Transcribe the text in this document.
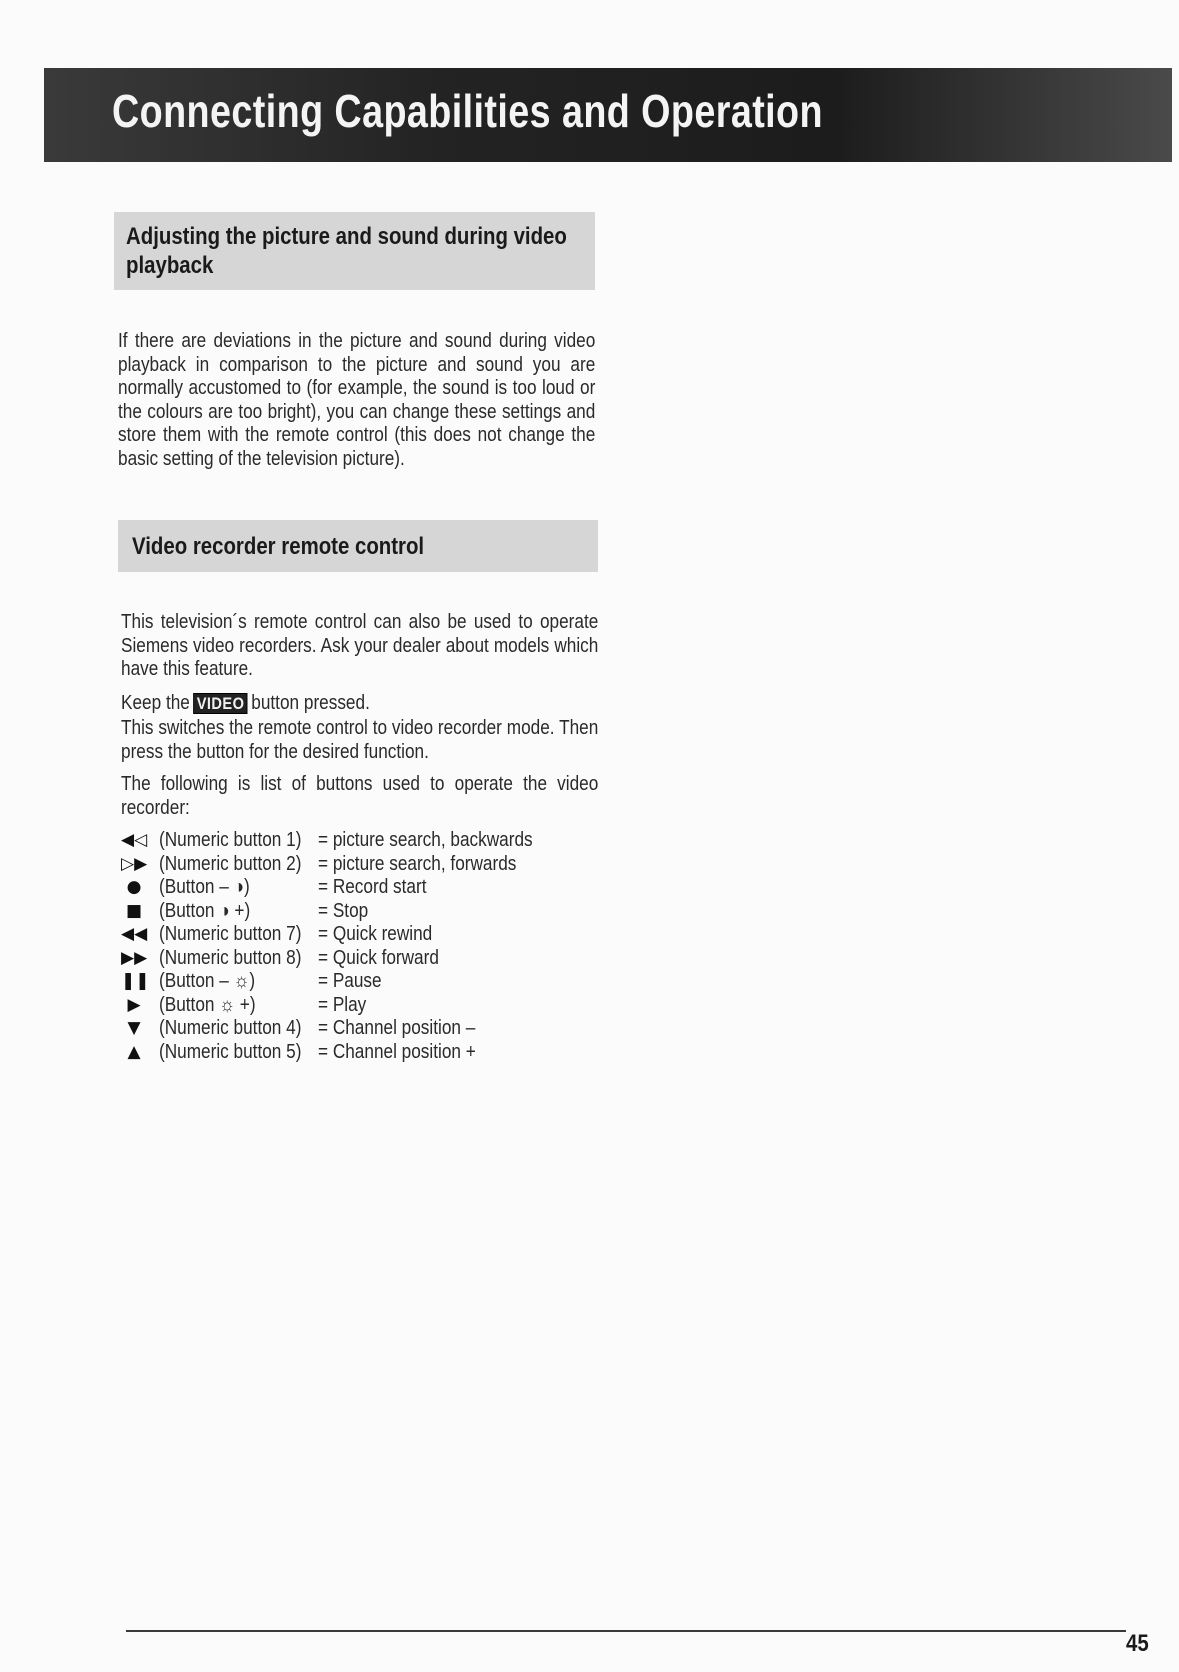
Connecting Capabilities and Operation
Adjusting the picture and sound during video playback

If there are deviations in the picture and sound during video playback in comparison to the picture and sound you are normally accustomed to (for example, the sound is too loud or the colours are too bright), you can change these settings and store them with the remote control (this does not change the basic setting of the television picture).

Video recorder remote control

This television´s remote control can also be used to operate Siemens video recorders. Ask your dealer about models which have this feature.

Keep the VIDEO button pressed.

This switches the remote control to video recorder mode. Then press the button for the desired function.

The following is list of buttons used to operate the video recorder:

◀◁ (Numeric button 1) = picture search, backwards
▷▶ (Numeric button 2) = picture search, forwards
● (Button – ◑)	= Record start
■ (Button ◑ +)	= Stop
◀◀ (Numeric button 7) = Quick rewind
▶▶ (Numeric button 8) = Quick forward
❚❚ (Button – ☼)	= Pause
▶ (Button ☼ +)	= Play
▼ (Numeric button 4) = Channel position –
▲ (Numeric button 5) = Channel position +
45
